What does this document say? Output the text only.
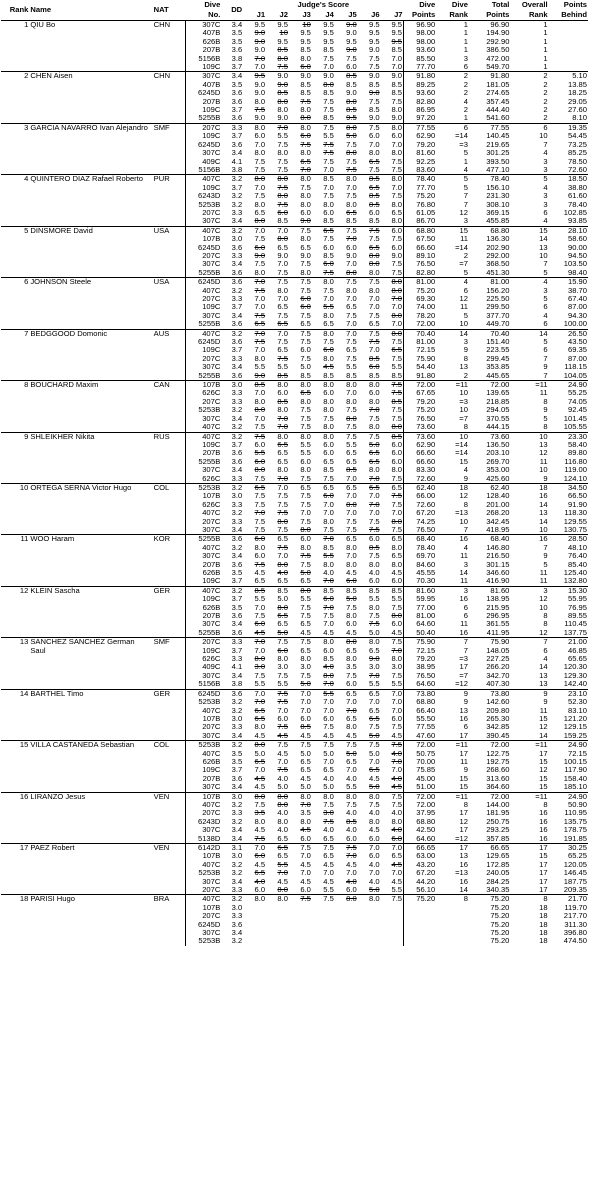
Rank	Name	NAT	Dive	DD	Judge's Score							Dive	Dive	Total	Overall	Points
			No.		J1	J2	J3	J4	J5	J6	J7	Points	Rank	Points	Rank	Behind
1	QIU Bo	CHN	307C	3.4	9.5	9.5	10	9.5	9.0	9.5	9.5	96.90	1	96.90	1	
			407B	3.5	9.0	10	9.5	9.5	9.0	9.5	9.5	98.00	1	194.90	1	
			626B	3.5	9.0	9.5	9.5	9.5	9.5	9.5	9.5	98.00	1	292.90	1	
			207B	3.6	9.0	8.5	8.5	8.5	9.0	9.0	8.5	93.60	1	386.50	1	
			5156B	3.8	7.0	8.0	8.0	7.5	7.5	7.5	7.0	85.50	3	472.00	1	
			109C	3.7	7.0	7.5	6.0	7.0	6.0	7.5	7.0	77.70	6	549.70	1	
2	CHEN Aisen	CHN	307C	3.4	9.5	9.0	9.0	9.0	8.5	9.0	9.0	91.80	2	91.80	2	5.10
			407B	3.5	9.0	9.0	8.5	8.0	8.5	8.5	8.5	89.25	2	181.05	2	13.85
			6245D	3.6	9.0	8.5	8.5	8.5	9.0	9.0	8.5	93.60	2	274.65	2	18.25
			207B	3.6	8.0	8.0	7.5	7.5	8.0	7.5	7.5	82.80	4	357.45	2	29.05
			109C	3.7	7.5	8.0	8.0	7.5	8.5	8.5	8.0	86.95	2	444.40	2	27.60
			5255B	3.6	9.0	9.0	8.0	8.5	9.5	9.0	9.0	97.20	1	541.60	2	8.10
3	GARCIA NAVARRO Ivan Alejandro	SMF	207C	3.3	8.0	7.0	8.0	7.5	8.0	7.5	8.0	77.55	6	77.55	6	19.35
			109C	3.7	6.0	5.5	6.0	5.5	5.0	6.0	6.0	62.90	=14	140.45	10	54.45
			6245D	3.6	7.0	7.5	7.5	7.5	7.5	7.0	7.0	79.20	=3	219.65	7	73.25
			307C	3.4	8.0	8.0	8.0	7.5	8.0	8.0	8.0	81.60	5	301.25	4	85.25
			409C	4.1	7.5	7.5	6.5	7.5	7.5	6.5	7.5	92.25	1	393.50	3	78.50
			5156B	3.8	7.5	7.5	7.0	7.0	7.5	7.5	7.5	83.60	4	477.10	3	72.60
4	QUINTERO DIAZ Rafael Roberto	PUR	407C	3.2	8.0	8.0	8.0	8.5	8.0	8.5	8.0	78.40	5	78.40	5	18.50
			109C	3.7	7.0	7.5	7.5	7.0	7.0	6.5	7.0	77.70	5	156.10	4	38.80
			6243D	3.2	7.5	8.0	8.0	7.5	7.5	8.5	7.5	75.20	7	231.30	3	61.60
			5253B	3.2	8.0	7.5	8.0	8.0	8.0	8.5	8.0	76.80	7	308.10	3	78.40
			207C	3.3	6.5	6.0	6.0	6.0	6.5	6.0	6.5	61.05	12	369.15	6	102.85
			307C	3.4	8.0	8.5	9.0	8.5	8.5	8.5	8.0	86.70	3	455.85	4	93.85
5	DINSMORE David	USA	407C	3.2	7.0	7.0	7.5	6.5	7.5	7.5	6.0	68.80	15	68.80	15	28.10
			107B	3.0	7.5	8.0	8.0	7.5	7.0	7.5	7.5	67.50	11	136.30	14	58.60
			6245D	3.6	6.0	6.5	6.5	6.0	6.0	6.5	6.0	66.60	=14	202.90	13	90.00
			207C	3.3	9.0	9.0	9.0	8.5	9.0	8.0	9.0	89.10	2	292.00	10	94.50
			307C	3.4	7.5	7.0	7.5	6.0	7.0	8.0	7.5	76.50	=7	368.50	7	103.50
			5255B	3.6	8.0	7.5	8.0	7.5	8.0	8.0	7.5	82.80	5	451.30	5	98.40
6	JOHNSON Steele	USA	6245D	3.6	7.0	7.5	7.5	8.0	7.5	7.5	8.0	81.00	4	81.00	4	15.90
			407C	3.2	7.5	8.0	7.5	7.5	8.0	8.0	8.0	75.20	6	156.20	3	38.70
			207C	3.3	7.0	7.0	6.0	7.0	7.0	7.0	7.0	69.30	12	225.50	5	67.40
			109C	3.7	7.0	6.5	6.0	5.5	6.5	7.0	7.0	74.00	11	299.50	6	87.00
			307C	3.4	7.5	7.5	7.5	8.0	7.5	7.5	8.0	78.20	5	377.70	4	94.30
			5255B	3.6	6.5	6.5	6.5	6.5	7.0	6.5	7.0	72.00	10	449.70	6	100.00
7	BEDGGOOD Domonic	AUS	407C	3.2	7.0	7.0	7.5	8.0	7.0	7.5	8.0	70.40	14	70.40	14	26.50
			6245D	3.6	7.5	7.5	7.5	7.5	7.5	7.5	7.5	81.00	3	151.40	5	43.50
			109C	3.7	7.0	6.5	6.0	6.0	6.5	7.0	6.5	72.15	9	223.55	6	69.35
			207C	3.3	8.0	7.5	7.5	8.0	7.5	8.5	7.5	75.90	8	299.45	7	87.00
			307C	3.4	5.5	5.5	5.0	4.5	5.5	6.0	5.5	54.40	13	353.85	9	118.15
			5255B	3.6	9.0	8.5	8.5	8.5	8.5	8.5	8.5	91.80	2	445.65	7	104.05
8	BOUCHARD Maxim	CAN	107B	3.0	8.5	8.0	8.0	8.0	8.0	8.0	7.5	72.00	=11	72.00	=11	24.90
			626C	3.3	7.0	6.0	6.5	6.0	7.0	6.0	7.5	67.65	10	139.65	11	55.25
			207C	3.3	8.0	8.5	8.0	8.0	8.0	8.0	8.5	79.20	=3	218.85	8	74.05
			5253B	3.2	8.0	8.0	7.5	8.0	7.5	7.0	7.5	75.20	10	294.05	9	92.45
			307C	3.4	7.0	7.0	7.5	7.5	8.0	7.5	7.5	76.50	=7	370.55	5	101.45
			407C	3.2	7.5	7.0	7.5	8.0	7.5	8.0	8.0	73.60	8	444.15	8	105.55
9	SHLEIKHER Nikita	RUS	407C	3.2	7.5	8.0	8.0	8.0	7.5	7.5	8.5	73.60	10	73.60	10	23.30
			109C	3.7	6.0	6.5	5.5	6.0	5.5	5.0	6.0	62.90	=14	136.50	13	58.40
			207B	3.6	5.5	6.5	5.5	6.0	6.5	6.5	6.0	66.60	=14	203.10	12	89.80
			5255B	3.6	6.0	6.5	6.0	6.5	6.5	6.5	6.0	66.60	15	269.70	11	116.80
			307C	3.4	8.0	8.0	8.0	8.5	8.5	8.0	8.0	83.30	4	353.00	10	119.00
			626C	3.3	7.5	7.0	7.5	7.5	7.0	7.0	7.5	72.60	9	425.60	9	124.10
10	ORTEGA SERNA Victor Hugo	COL	5253B	3.2	6.5	7.0	6.5	6.5	6.5	6.5	6.5	62.40	18	62.40	18	34.50
			107B	3.0	7.5	7.5	7.5	6.0	7.0	7.0	7.5	66.00	12	128.40	16	66.50
			626C	3.3	7.5	7.5	7.5	7.0	8.0	7.0	7.5	72.60	8	201.00	14	91.90
			407C	3.2	7.0	7.5	7.0	7.0	7.0	7.0	7.0	67.20	=13	268.20	13	118.30
			207C	3.3	7.5	8.0	7.5	8.0	7.5	7.5	8.0	74.25	10	342.45	14	129.55
			307C	3.4	7.5	7.5	8.0	7.5	7.5	7.5	7.5	76.50	7	418.95	10	130.75
11	WOO Haram	KOR	5255B	3.6	6.0	6.5	6.0	7.0	6.5	6.0	6.5	68.40	16	68.40	16	28.50
			407C	3.2	8.0	7.5	8.0	8.5	8.0	8.5	8.0	78.40	4	146.80	7	48.10
			307C	3.4	6.0	7.0	7.5	5.5	7.0	7.5	6.5	69.70	11	216.50	9	76.40
			207B	3.6	7.5	8.0	7.5	8.0	8.0	8.0	8.0	84.60	3	301.15	5	85.40
			626B	3.5	4.5	4.0	5.0	4.0	4.5	4.0	4.5	45.55	14	346.60	11	125.40
			109C	3.7	6.5	6.5	6.5	7.0	6.0	6.0	6.0	70.30	11	416.90	11	132.80
12	KLEIN Sascha	GER	407C	3.2	8.5	8.5	8.0	8.5	8.5	8.5	8.5	81.60	3	81.60	3	15.30
			109C	3.7	5.5	5.0	5.5	6.0	5.0	5.5	5.5	59.95	16	138.95	12	55.95
			626B	3.5	7.0	8.0	7.5	7.0	7.5	8.0	7.5	77.00	6	215.95	10	76.95
			207B	3.6	7.5	6.5	7.5	7.5	8.0	7.5	8.0	81.00	6	296.95	8	89.55
			307C	3.4	6.0	6.5	6.5	7.0	6.0	7.5	6.0	64.60	11	361.55	8	110.45
			5255B	3.6	4.5	5.0	4.5	4.5	4.5	5.0	4.5	50.40	16	411.95	12	137.75
13	SANCHEZ SANCHEZ German Saul	SMF	207C	3.3	7.0	7.5	7.5	8.0	8.0	8.0	7.5	75.90	7	75.90	7	21.00
			109C	3.7	7.0	6.0	6.5	6.0	6.5	6.5	7.0	72.15	7	148.05	6	46.85
			626C	3.3	8.0	8.0	8.0	8.5	8.0	9.0	8.0	79.20	=3	227.25	4	65.65
			409C	4.1	3.0	3.0	3.0	4.0	3.5	3.0	3.0	38.95	17	266.20	14	120.30
			307C	3.4	7.5	7.5	7.5	8.0	7.5	7.0	7.5	76.50	=7	342.70	13	129.30
			5156B	3.8	5.5	5.5	5.0	7.0	6.0	5.5	5.5	64.60	=12	407.30	13	142.40
14	BARTHEL Timo	GER	6245D	3.6	7.0	7.5	7.0	5.5	6.5	6.5	7.0	73.80	9	73.80	9	23.10
			5253B	3.2	7.0	7.5	7.0	7.0	7.0	7.0	7.0	68.80	9	142.60	9	52.30
			407C	3.2	6.5	7.0	7.0	7.0	7.0	6.5	7.0	66.40	13	209.80	11	83.10
			107B	3.0	6.5	6.0	6.0	6.0	6.5	6.5	6.0	55.50	16	265.30	15	121.20
			207C	3.3	8.0	7.5	8.5	7.5	8.0	7.5	7.5	77.55	6	342.85	12	129.15
			307C	3.4	4.5	4.5	4.5	4.5	4.5	5.0	4.5	47.60	17	390.45	14	159.25
15	VILLA CASTANEDA Sebastian	COL	5253B	3.2	8.0	7.5	7.5	7.5	7.5	7.5	7.5	72.00	=11	72.00	=11	24.90
			407C	3.5	5.0	4.5	5.0	5.0	5.0	5.0	4.0	50.75	17	122.75	17	72.15
			626B	3.5	6.5	7.0	6.5	7.0	6.5	7.0	7.0	70.00	11	192.75	15	100.15
			109C	3.7	7.0	7.5	6.5	6.5	7.0	6.5	7.0	75.85	9	268.60	12	117.90
			207B	3.6	4.5	4.0	4.5	4.0	4.0	4.5	4.0	45.00	15	313.60	15	158.40
			307C	3.4	4.5	5.0	5.0	5.0	5.5	5.0	4.5	51.00	15	364.60	15	185.10
16	LIRANZO Jesus	VEN	107B	3.0	8.0	8.0	8.0	8.0	8.0	8.0	7.5	72.00	=11	72.00	=11	24.90
			407C	3.2	7.5	8.0	7.0	7.5	7.5	7.5	7.5	72.00	8	144.00	8	50.90
			207C	3.3	3.5	4.0	3.5	3.0	4.0	4.0	4.0	37.95	17	181.95	16	110.95
			6243D	3.2	8.0	8.0	8.0	7.5	8.5	8.0	8.0	68.80	12	250.75	16	135.75
			307C	3.4	4.5	4.0	4.5	4.0	4.0	4.5	4.0	42.50	17	293.25	16	178.75
			5138D	3.4	7.5	6.5	6.0	6.5	6.0	6.0	6.0	64.60	=12	357.85	16	191.85
17	PAEZ Robert	VEN	6142D	3.1	7.0	6.5	7.5	7.5	7.5	7.0	7.0	66.65	17	66.65	17	30.25
			107B	3.0	6.0	6.5	7.0	6.5	7.0	6.0	6.5	63.00	13	129.65	15	65.25
			407C	3.2	4.5	5.5	4.5	4.5	4.5	4.0	4.5	43.20	16	172.85	17	120.05
			5253B	3.2	6.5	7.0	7.0	7.0	7.0	7.0	7.0	67.20	=13	240.05	17	146.45
			307C	3.4	4.0	4.5	4.5	4.5	4.0	4.0	4.5	44.20	16	284.25	17	187.75
			207C	3.3	6.0	8.0	6.0	5.5	6.0	5.0	5.5	56.10	14	340.35	17	209.35
18	PARISI Hugo	BRA	407C	3.2	8.0	8.0	7.5	7.5	8.0	8.0	7.5	75.20	8	75.20	8	21.70
			107B	3.0										75.20	18	119.70
			207C	3.3										75.20	18	217.70
			6245D	3.6										75.20	18	311.30
			307C	3.4										75.20	18	396.80
			5253B	3.2										75.20	18	474.50
